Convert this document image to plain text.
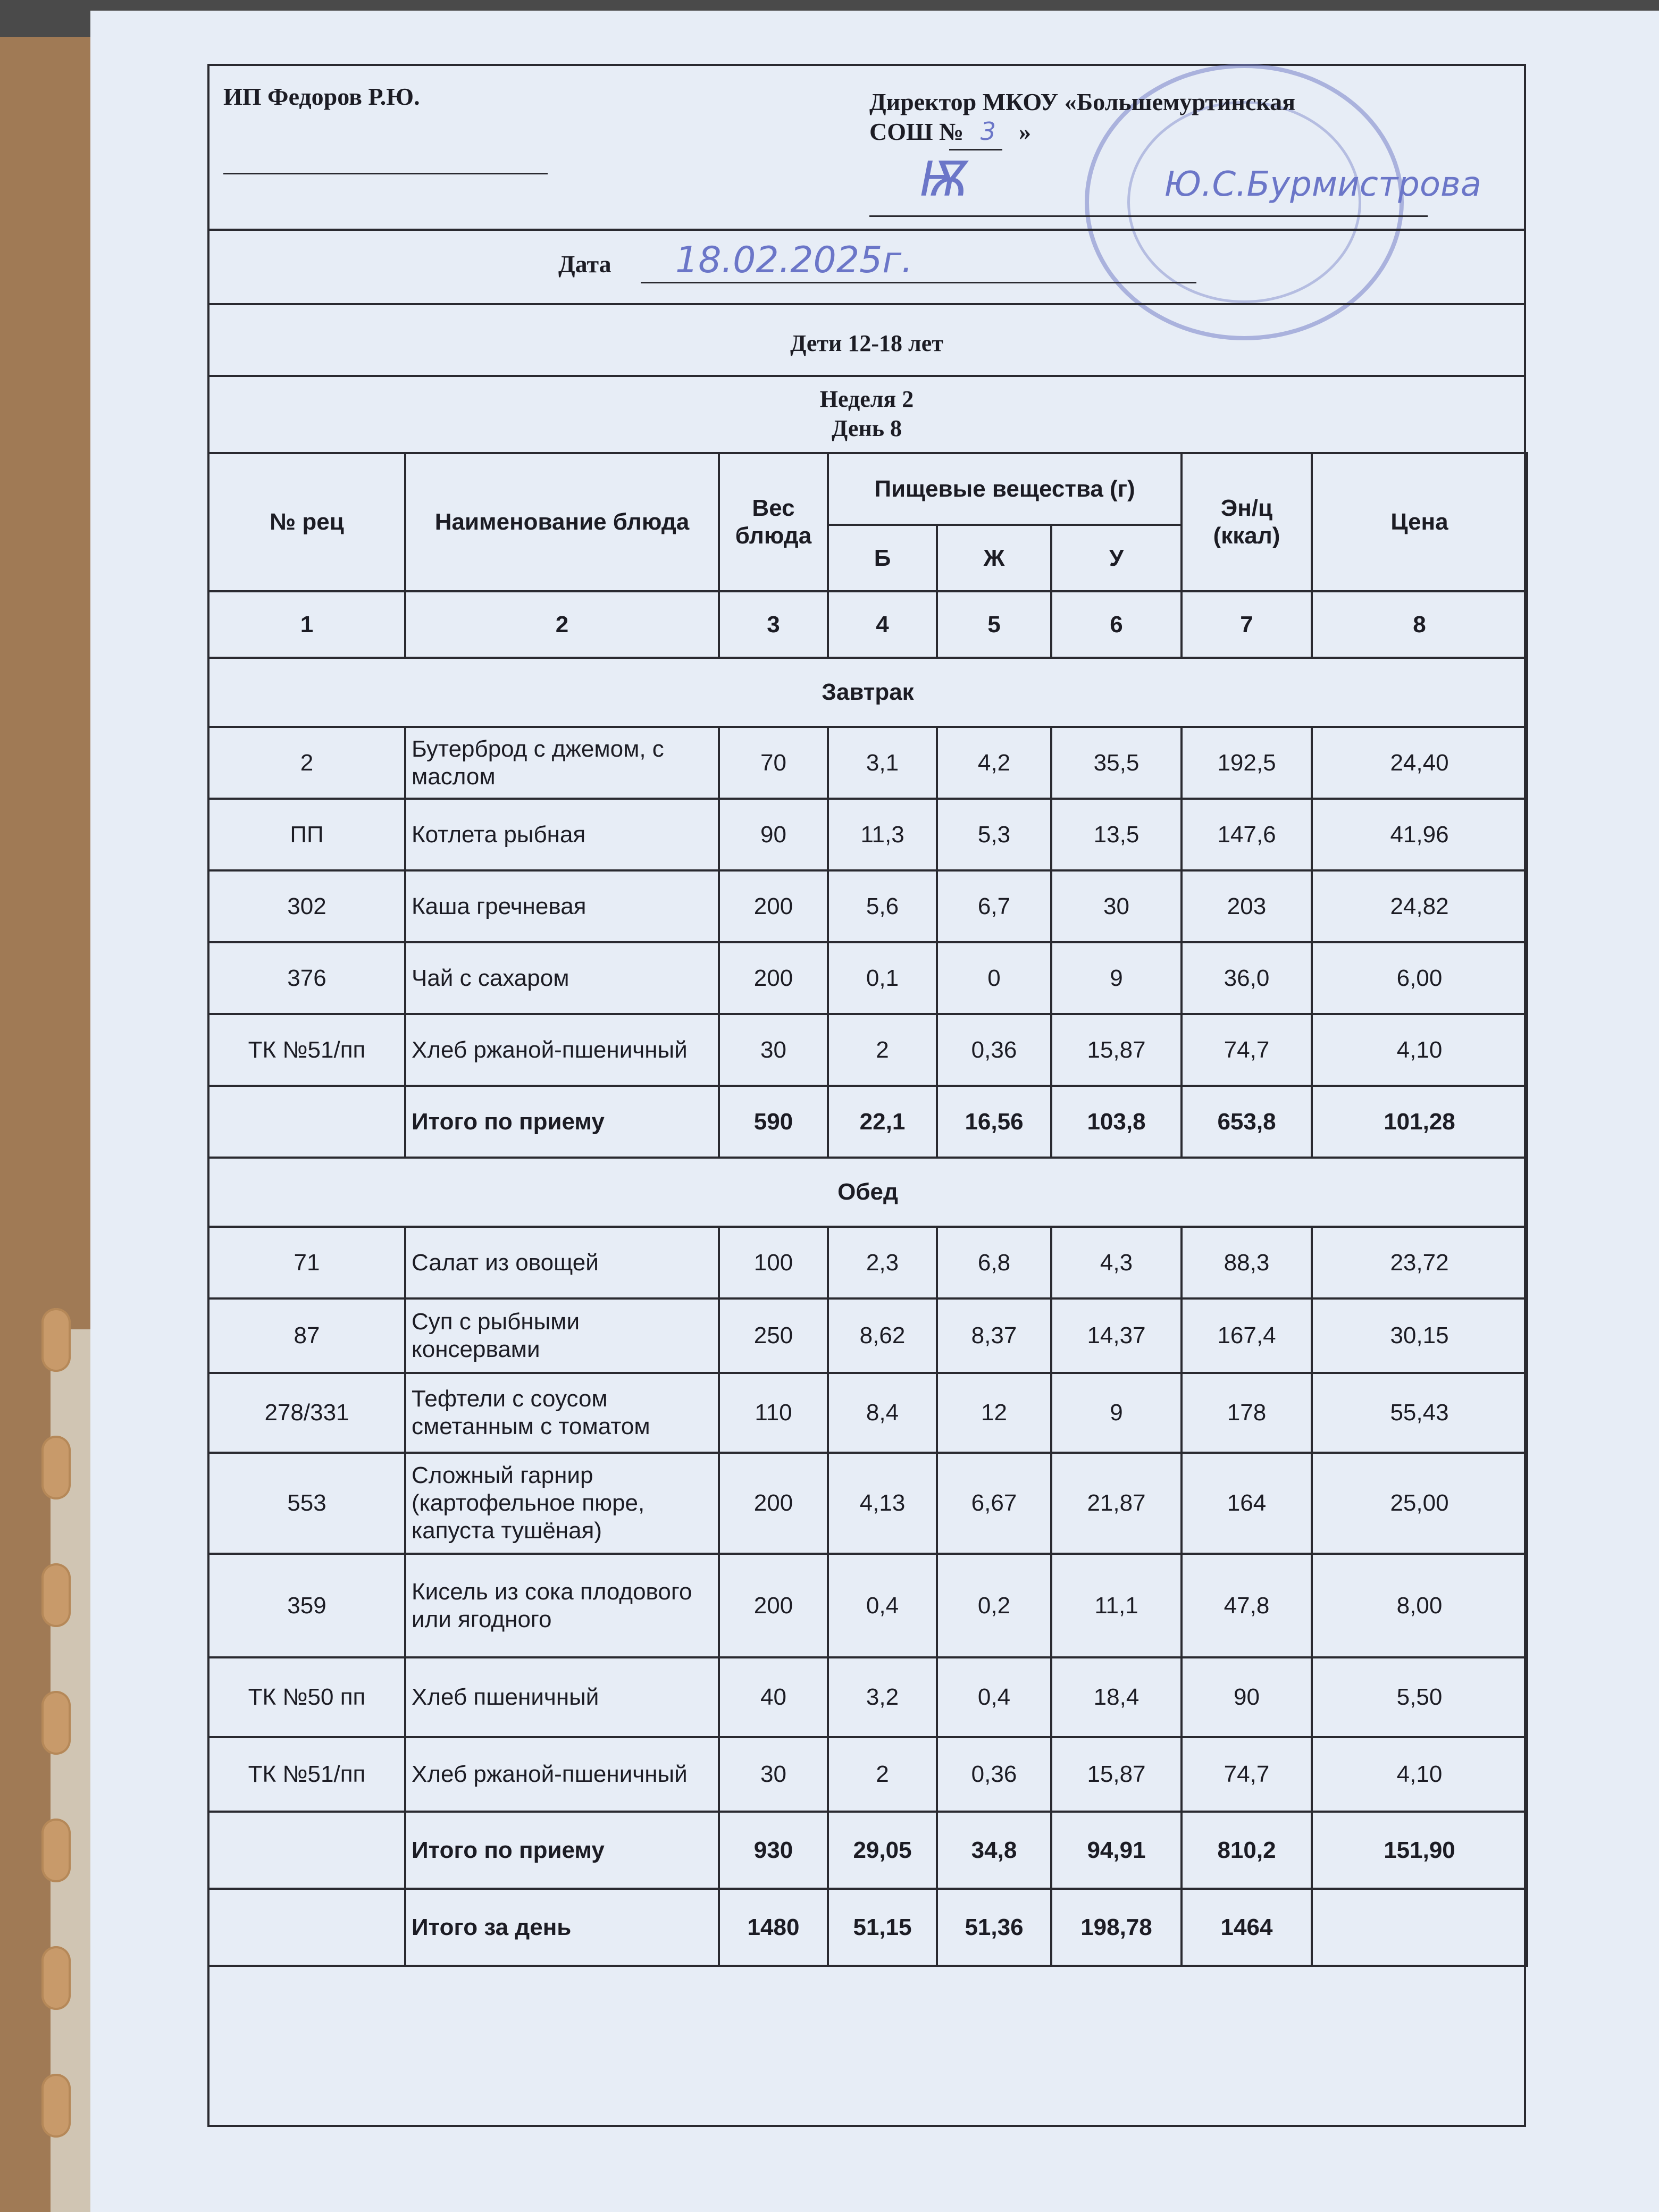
ИП Федоров Р.Ю.	Директор МКОУ «Большемуртинская
СОШ № 3 »
Ѭ	Ю.С.Бурмистрова
Дата 18.02.2025г.
Дети 12-18 лет
Неделя 2
День 8
№ рец	Наименование блюда	Вес блюда	Пищевые вещества (г)			Эн/ц (ккал)	Цена
			Б	Ж	У		
1	2	3	4	5	6	7	8
Завтрак							
2	Бутерброд с джемом, с маслом	70	3,1	4,2	35,5	192,5	24,40
ПП	Котлета рыбная	90	11,3	5,3	13,5	147,6	41,96
302	Каша гречневая	200	5,6	6,7	30	203	24,82
376	Чай с сахаром	200	0,1	0	9	36,0	6,00
ТК №51/пп	Хлеб ржаной-пшеничный	30	2	0,36	15,87	74,7	4,10
	Итого по приему	590	22,1	16,56	103,8	653,8	101,28
Обед							
71	Салат из овощей	100	2,3	6,8	4,3	88,3	23,72
87	Суп с рыбными консервами	250	8,62	8,37	14,37	167,4	30,15
278/331	Тефтели с соусом сметанным с томатом	110	8,4	12	9	178	55,43
553	Сложный гарнир (картофельное пюре, капуста тушёная)	200	4,13	6,67	21,87	164	25,00
359	Кисель из сока плодового или ягодного	200	0,4	0,2	11,1	47,8	8,00
ТК №50 пп	Хлеб пшеничный	40	3,2	0,4	18,4	90	5,50
ТК №51/пп	Хлеб ржаной-пшеничный	30	2	0,36	15,87	74,7	4,10
	Итого по приему	930	29,05	34,8	94,91	810,2	151,90
	Итого за день	1480	51,15	51,36	198,78	1464	
